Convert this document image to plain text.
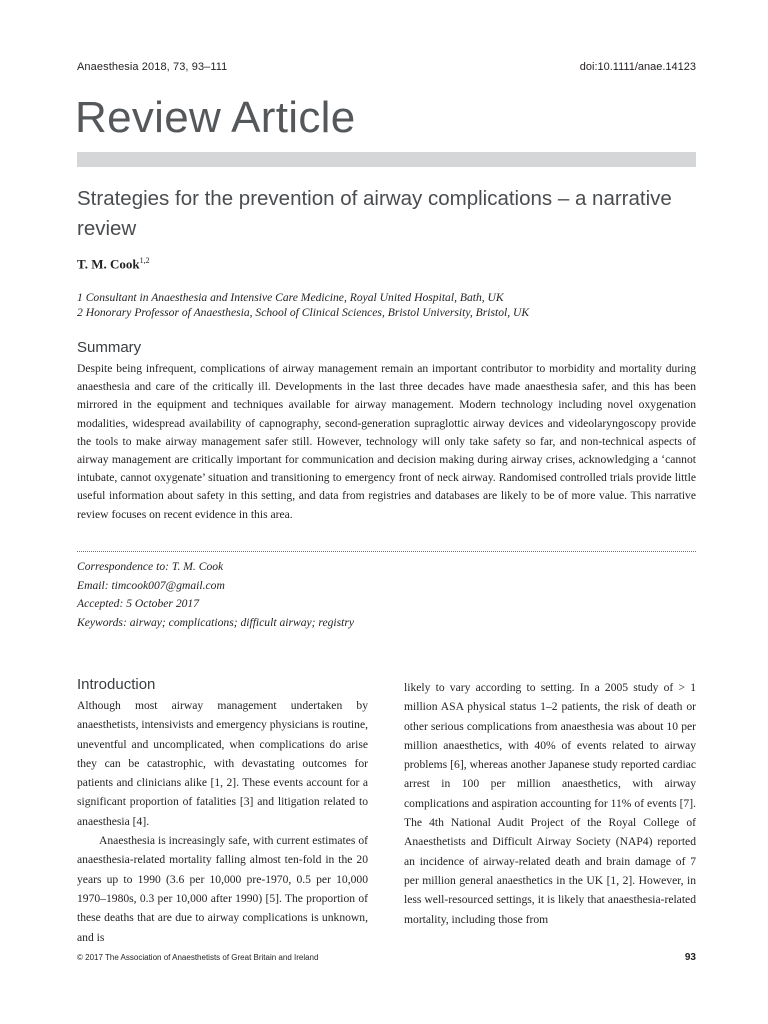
Anaesthesia 2018, 73, 93–111	doi:10.1111/anae.14123
Review Article
Strategies for the prevention of airway complications – a narrative review
T. M. Cook$^{1,2}$
1 Consultant in Anaesthesia and Intensive Care Medicine, Royal United Hospital, Bath, UK
2 Honorary Professor of Anaesthesia, School of Clinical Sciences, Bristol University, Bristol, UK
Summary
Despite being infrequent, complications of airway management remain an important contributor to morbidity and mortality during anaesthesia and care of the critically ill. Developments in the last three decades have made anaesthesia safer, and this has been mirrored in the equipment and techniques available for airway management. Modern technology including novel oxygenation modalities, widespread availability of capnography, second-generation supraglottic airway devices and videolaryngoscopy provide the tools to make airway management safer still. However, technology will only take safety so far, and non-technical aspects of airway management are critically important for communication and decision making during airway crises, acknowledging a ‘cannot intubate, cannot oxygenate’ situation and transitioning to emergency front of neck airway. Randomised controlled trials provide little useful information about safety in this setting, and data from registries and databases are likely to be of more value. This narrative review focuses on recent evidence in this area.
Correspondence to: T. M. Cook
Email: timcook007@gmail.com
Accepted: 5 October 2017
Keywords: airway; complications; difficult airway; registry
Introduction

Although most airway management undertaken by anaesthetists, intensivists and emergency physicians is routine, uneventful and uncomplicated, when complications do arise they can be catastrophic, with devastating outcomes for patients and clinicians alike [1, 2]. These events account for a significant proportion of fatalities [3] and litigation related to anaesthesia [4].

Anaesthesia is increasingly safe, with current estimates of anaesthesia-related mortality falling almost ten-fold in the 20 years up to 1990 (3.6 per 10,000 pre-1970, 0.5 per 10,000 1970–1980s, 0.3 per 10,000 after 1990) [5]. The proportion of these deaths that are due to airway complications is unknown, and is

likely to vary according to setting. In a 2005 study of > 1 million ASA physical status 1–2 patients, the risk of death or other serious complications from anaesthesia was about 10 per million anaesthetics, with 40% of events related to airway problems [6], whereas another Japanese study reported cardiac arrest in 100 per million anaesthetics, with airway complications and aspiration accounting for 11% of events [7]. The 4th National Audit Project of the Royal College of Anaesthetists and Difficult Airway Society (NAP4) reported an incidence of airway-related death and brain damage of 7 per million general anaesthetics in the UK [1, 2]. However, in less well-resourced settings, it is likely that anaesthesia-related mortality, including those from

© 2017 The Association of Anaesthetists of Great Britain and Ireland	93
